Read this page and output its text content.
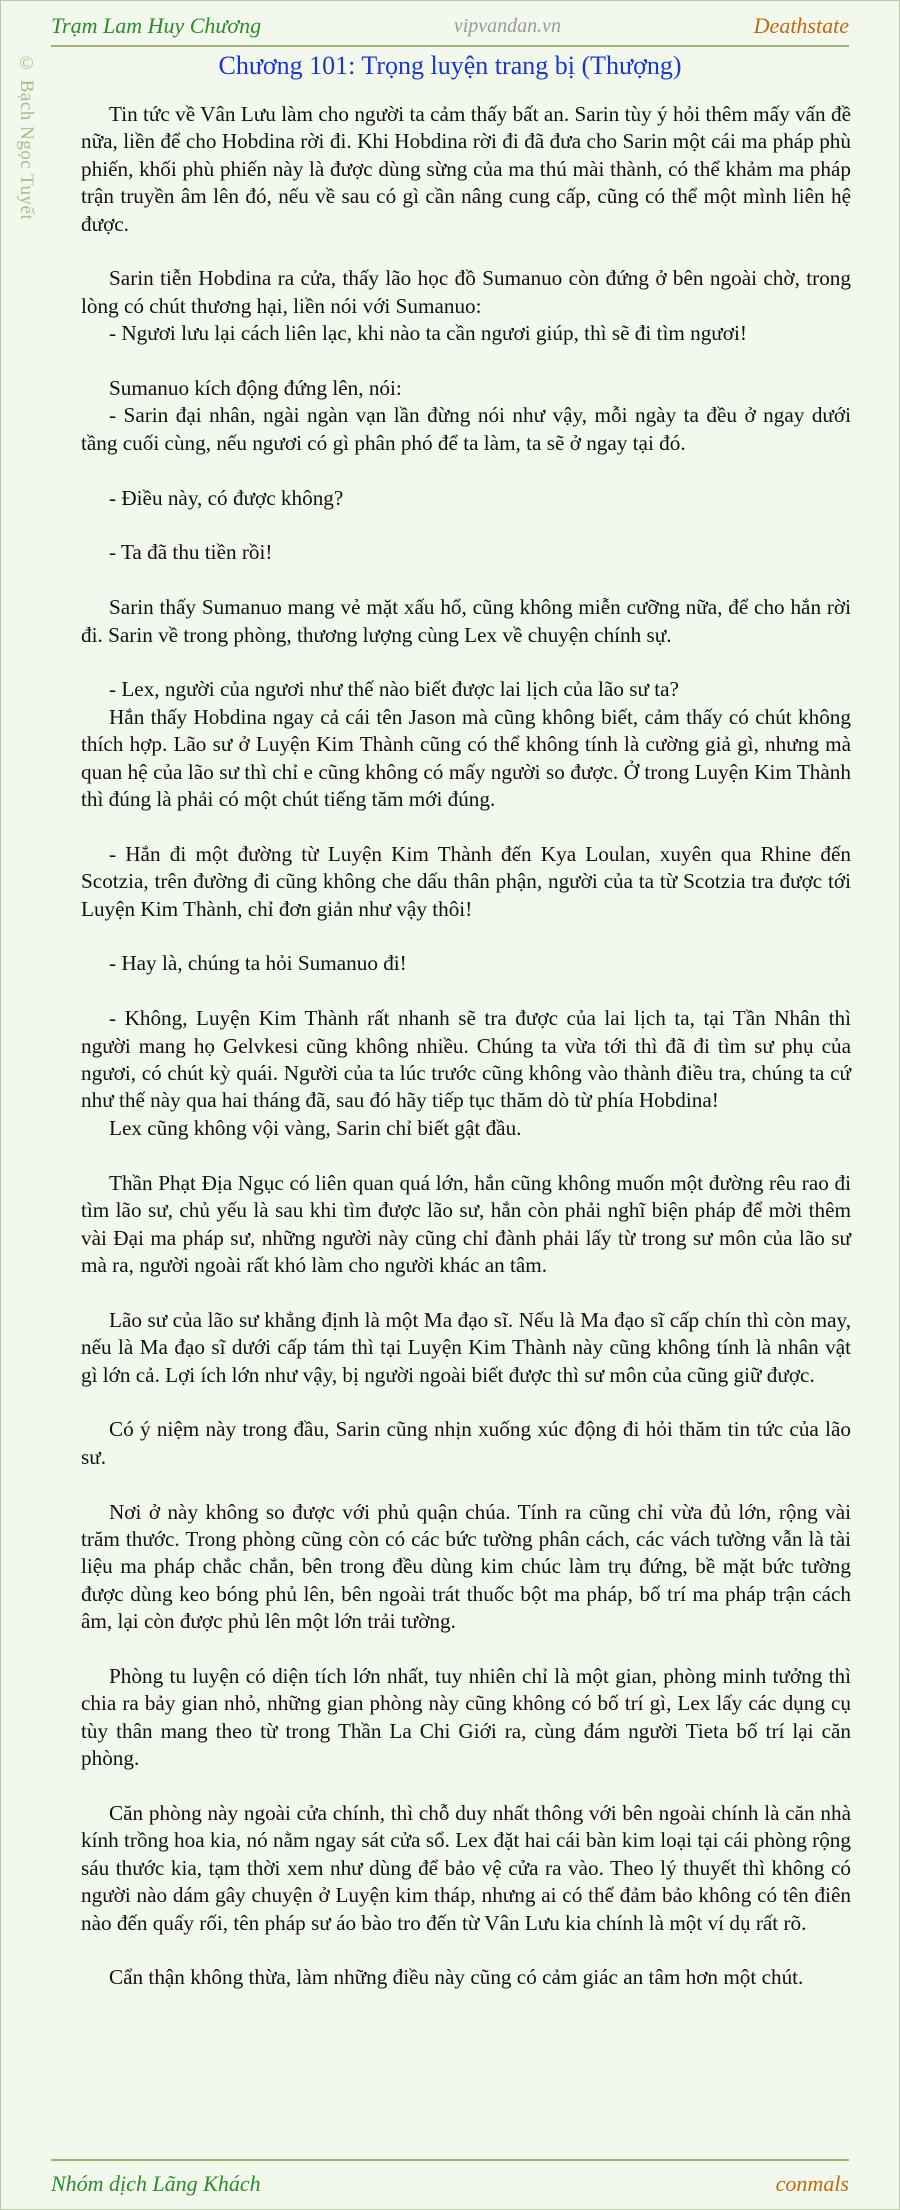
© Bạch Ngọc Tuyết
Trạm Lam Huy Chương	vipvandan.vn	Deathstate
Chương 101: Trọng luyện trang bị (Thượng)

Tin tức về Vân Lưu làm cho người ta cảm thấy bất an. Sarin tùy ý hỏi thêm mấy vấn đề nữa, liền để cho Hobdina rời đi. Khi Hobdina rời đi đã đưa cho Sarin một cái ma pháp phù phiến, khối phù phiến này là được dùng sừng của ma thú mài thành, có thể khảm ma pháp trận truyền âm lên đó, nếu về sau có gì cần nâng cung cấp, cũng có thể một mình liên hệ được.

Sarin tiễn Hobdina ra cửa, thấy lão học đồ Sumanuo còn đứng ở bên ngoài chờ, trong lòng có chút thương hại, liền nói với Sumanuo:

- Ngươi lưu lại cách liên lạc, khi nào ta cần ngươi giúp, thì sẽ đi tìm ngươi!

Sumanuo kích động đứng lên, nói:

- Sarin đại nhân, ngài ngàn vạn lần đừng nói như vậy, mỗi ngày ta đều ở ngay dưới tầng cuối cùng, nếu ngươi có gì phân phó để ta làm, ta sẽ ở ngay tại đó.

- Điều này, có được không?

- Ta đã thu tiền rồi!

Sarin thấy Sumanuo mang vẻ mặt xấu hổ, cũng không miễn cưỡng nữa, để cho hắn rời đi. Sarin về trong phòng, thương lượng cùng Lex về chuyện chính sự.

- Lex, người của ngươi như thế nào biết được lai lịch của lão sư ta?

Hắn thấy Hobdina ngay cả cái tên Jason mà cũng không biết, cảm thấy có chút không thích hợp. Lão sư ở Luyện Kim Thành cũng có thể không tính là cường giả gì, nhưng mà quan hệ của lão sư thì chỉ e cũng không có mấy người so được. Ở trong Luyện Kim Thành thì đúng là phải có một chút tiếng tăm mới đúng.

- Hắn đi một đường từ Luyện Kim Thành đến Kya Loulan, xuyên qua Rhine đến Scotzia, trên đường đi cũng không che dấu thân phận, người của ta từ Scotzia tra được tới Luyện Kim Thành, chỉ đơn giản như vậy thôi!

- Hay là, chúng ta hỏi Sumanuo đi!

- Không, Luyện Kim Thành rất nhanh sẽ tra được của lai lịch ta, tại Tần Nhân thì người mang họ Gelvkesi cũng không nhiều. Chúng ta vừa tới thì đã đi tìm sư phụ của ngươi, có chút kỳ quái. Người của ta lúc trước cũng không vào thành điều tra, chúng ta cứ như thế này qua hai tháng đã, sau đó hãy tiếp tục thăm dò từ phía Hobdina!

Lex cũng không vội vàng, Sarin chỉ biết gật đầu.

Thần Phạt Địa Ngục có liên quan quá lớn, hắn cũng không muốn một đường rêu rao đi tìm lão sư, chủ yếu là sau khi tìm được lão sư, hắn còn phải nghĩ biện pháp để mời thêm vài Đại ma pháp sư, những người này cũng chỉ đành phải lấy từ trong sư môn của lão sư mà ra, người ngoài rất khó làm cho người khác an tâm.

Lão sư của lão sư khẳng định là một Ma đạo sĩ. Nếu là Ma đạo sĩ cấp chín thì còn may, nếu là Ma đạo sĩ dưới cấp tám thì tại Luyện Kim Thành này cũng không tính là nhân vật gì lớn cả. Lợi ích lớn như vậy, bị người ngoài biết được thì sư môn của cũng giữ được.

Có ý niệm này trong đầu, Sarin cũng nhịn xuống xúc động đi hỏi thăm tin tức của lão sư.

Nơi ở này không so được với phủ quận chúa. Tính ra cũng chỉ vừa đủ lớn, rộng vài trăm thước. Trong phòng cũng còn có các bức tường phân cách, các vách tường vẫn là tài liệu ma pháp chắc chắn, bên trong đều dùng kim chúc làm trụ đứng, bề mặt bức tường được dùng keo bóng phủ lên, bên ngoài trát thuốc bột ma pháp, bố trí ma pháp trận cách âm, lại còn được phủ lên một lớn trải tường.

Phòng tu luyện có diện tích lớn nhất, tuy nhiên chỉ là một gian, phòng minh tưởng thì chia ra bảy gian nhỏ, những gian phòng này cũng không có bố trí gì, Lex lấy các dụng cụ tùy thân mang theo từ trong Thần La Chi Giới ra, cùng đám người Tieta bố trí lại căn phòng.

Căn phòng này ngoài cửa chính, thì chỗ duy nhất thông với bên ngoài chính là căn nhà kính trồng hoa kia, nó nằm ngay sát cửa sổ. Lex đặt hai cái bàn kim loại tại cái phòng rộng sáu thước kia, tạm thời xem như dùng để bảo vệ cửa ra vào. Theo lý thuyết thì không có người nào dám gây chuyện ở Luyện kim tháp, nhưng ai có thể đảm bảo không có tên điên nào đến quấy rối, tên pháp sư áo bào tro đến từ Vân Lưu kia chính là một ví dụ rất rõ.

Cẩn thận không thừa, làm những điều này cũng có cảm giác an tâm hơn một chút.

Nhóm dịch Lãng Khách	conmals
